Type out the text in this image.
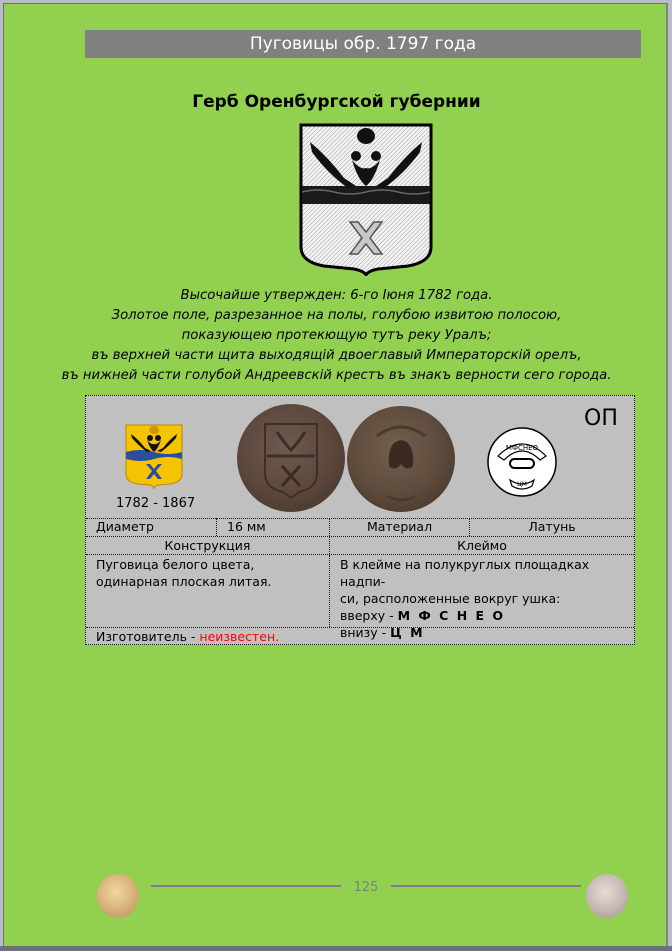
Пуговицы обр. 1797 года
Герб Оренбургской губернии
Высочайше утвержден: 6-го Iюня 1782 года.
Золотое поле, разрезанное на полы, голубою извитою полосою,
показующею протекющую тутъ реку Уралъ;
въ верхней части щита выходящiй двоеглавый Императорскiй орелъ,
въ нижней части голубой Андреевскiй крестъ въ знакъ верности сего города.
1782 - 1867
МФСНЕО
ЦМ
ОП
Диаметр	16 мм	Материал	Латунь
Конструкция	Клеймо
Пуговица белого цвета, одинарная плоская литая.
В клейме на полукруглых площадках надпи-
си, расположенные вокруг ушка:
вверху - М Ф С Н Е О
внизу - Ц М
Изготовитель - неизвестен.
125
